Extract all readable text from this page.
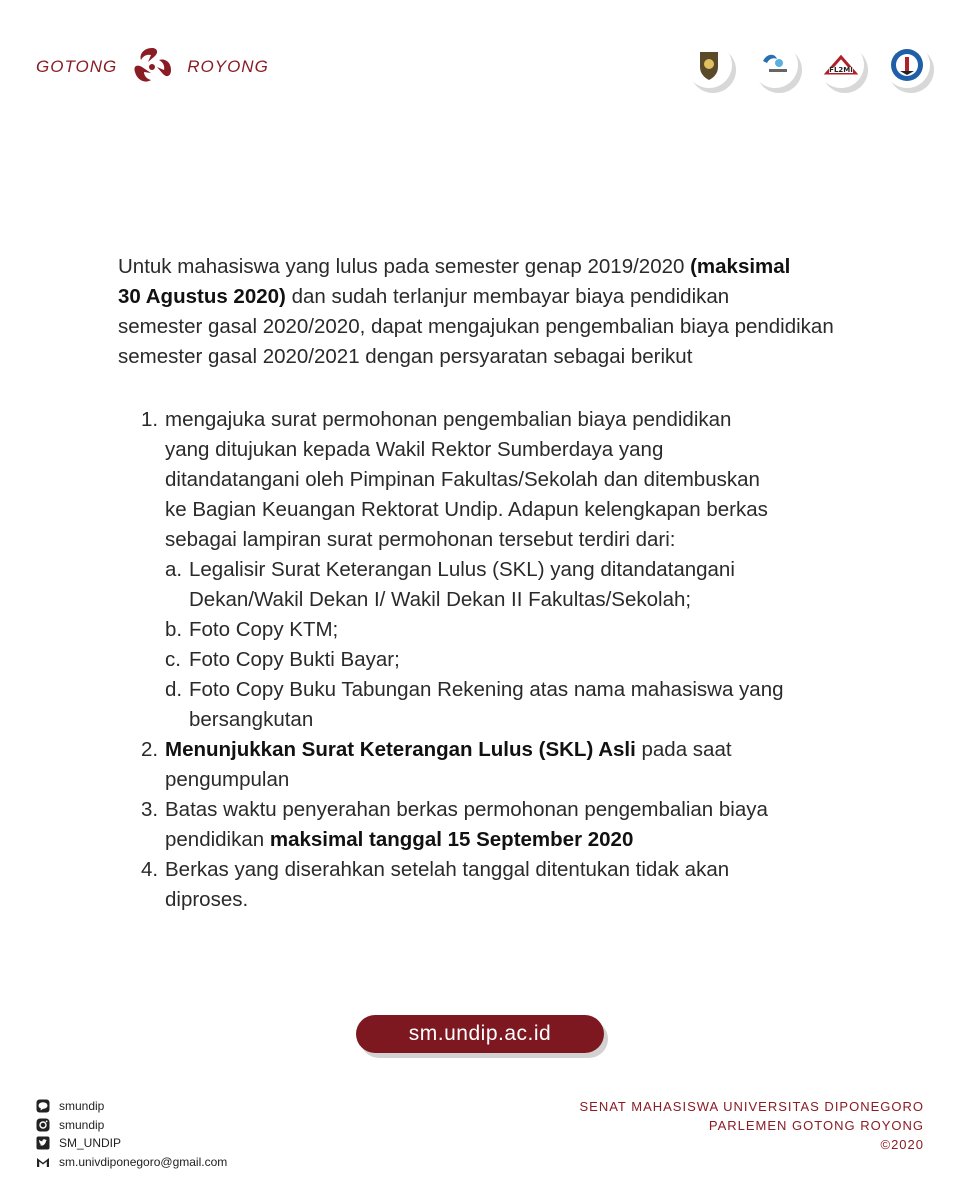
GOTONG	ROYONG	FL2MI

Untuk mahasiswa yang lulus pada semester genap 2019/2020 (maksimal

30 Agustus 2020) dan sudah terlanjur membayar biaya pendidikan

semester gasal 2020/2020, dapat mengajukan pengembalian biaya pendidikan

semester gasal 2020/2021 dengan persyaratan sebagai berikut

1. mengajuka surat permohonan pengembalian biaya pendidikan
yang ditujukan kepada Wakil Rektor Sumberdaya yang
ditandatangani oleh Pimpinan Fakultas/Sekolah dan ditembuskan
ke Bagian Keuangan Rektorat Undip. Adapun kelengkapan berkas
sebagai lampiran surat permohonan tersebut terdiri dari:
a. Legalisir Surat Keterangan Lulus (SKL) yang ditandatangani
Dekan/Wakil Dekan I/ Wakil Dekan II Fakultas/Sekolah;
b. Foto Copy KTM;
c. Foto Copy Bukti Bayar;
d. Foto Copy Buku Tabungan Rekening atas nama mahasiswa yang
bersangkutan
2. Menunjukkan Surat Keterangan Lulus (SKL) Asli pada saat
pengumpulan
3. Batas waktu penyerahan berkas permohonan pengembalian biaya
pendidikan maksimal tanggal 15 September 2020
4. Berkas yang diserahkan setelah tanggal ditentukan tidak akan
diproses.
sm.undip.ac.id
smundip
smundip
SM_UNDIP
sm.univdiponegoro@gmail.com
SENAT MAHASISWA UNIVERSITAS DIPONEGORO
PARLEMEN GOTONG ROYONG
©2020
